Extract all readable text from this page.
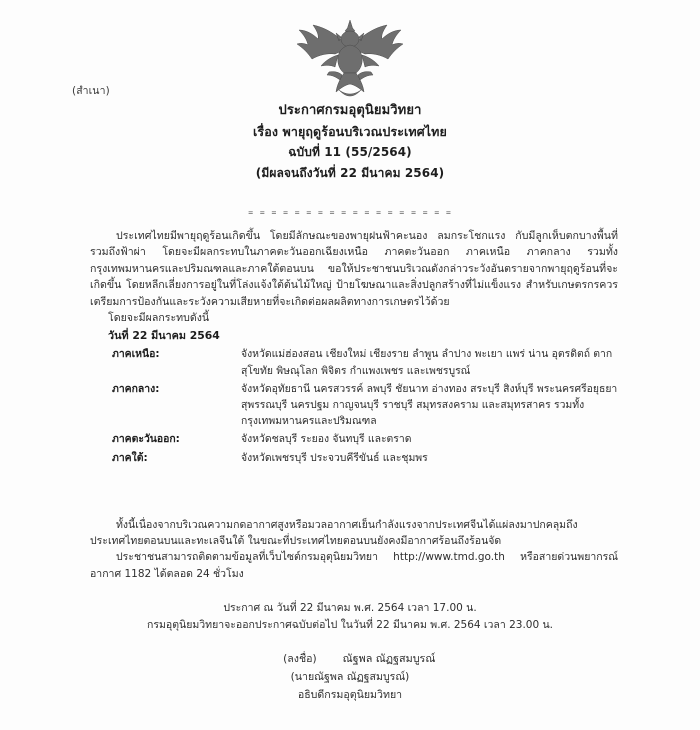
(สำเนา)
ประกาศกรมอุตุนิยมวิทยา
เรื่อง พายุฤดูร้อนบริเวณประเทศไทย
ฉบับที่ 11 (55/2564)
(มีผลจนถึงวันที่ 22 มีนาคม 2564)
= = = = = = = = = = = = = = = = = =

ประเทศไทยมีพายุฤดูร้อนเกิดขึ้น โดยมีลักษณะของพายุฝนฟ้าคะนอง ลมกระโชกแรง กับมีลูกเห็บตกบางพื้นที่ รวมถึงฟ้าผ่า โดยจะมีผลกระทบในภาคตะวันออกเฉียงเหนือ ภาคตะวันออก ภาคเหนือ ภาคกลาง รวมทั้งกรุงเทพมหานครและปริมณฑลและภาคใต้ตอนบน ขอให้ประชาชนบริเวณดังกล่าวระวังอันตรายจากพายุฤดูร้อนที่จะเกิดขึ้น โดยหลีกเลี่ยงการอยู่ในที่โล่งแจ้งใต้ต้นไม้ใหญ่ ป้ายโฆษณาและสิ่งปลูกสร้างที่ไม่แข็งแรง สำหรับเกษตรกรควรเตรียมการป้องกันและระวังความเสียหายที่จะเกิดต่อผลผลิตทางการเกษตรไว้ด้วย

โดยจะมีผลกระทบดังนี้
วันที่ 22 มีนาคม 2564
ภาคเหนือ:	จังหวัดแม่ฮ่องสอน เชียงใหม่ เชียงราย ลำพูน ลำปาง พะเยา แพร่ น่าน อุตรดิตถ์ ตาก สุโขทัย พิษณุโลก พิจิตร กำแพงเพชร และเพชรบูรณ์
ภาคกลาง:	จังหวัดอุทัยธานี นครสวรรค์ ลพบุรี ชัยนาท อ่างทอง สระบุรี สิงห์บุรี พระนครศรีอยุธยา สุพรรณบุรี นครปฐม กาญจนบุรี ราชบุรี สมุทรสงคราม และสมุทรสาคร รวมทั้งกรุงเทพมหานครและปริมณฑล
ภาคตะวันออก:	จังหวัดชลบุรี ระยอง จันทบุรี และตราด
ภาคใต้:	จังหวัดเพชรบุรี ประจวบคีรีขันธ์ และชุมพร

ทั้งนี้เนื่องจากบริเวณความกดอากาศสูงหรือมวลอากาศเย็นกำลังแรงจากประเทศจีนได้แผ่ลงมาปกคลุมถึงประเทศไทยตอนบนและทะเลจีนใต้ ในขณะที่ประเทศไทยตอนบนยังคงมีอากาศร้อนถึงร้อนจัด

ประชาชนสามารถติดตามข้อมูลที่เว็บไซต์กรมอุตุนิยมวิทยา http://www.tmd.go.th หรือสายด่วนพยากรณ์อากาศ 1182 ได้ตลอด 24 ชั่วโมง

ประกาศ ณ วันที่ 22 มีนาคม พ.ศ. 2564 เวลา 17.00 น.
กรมอุตุนิยมวิทยาจะออกประกาศฉบับต่อไป ในวันที่ 22 มีนาคม พ.ศ. 2564 เวลา 23.00 น.
(ลงชื่อ) ณัฐพล ณัฏฐสมบูรณ์
(นายณัฐพล ณัฏฐสมบูรณ์)
อธิบดีกรมอุตุนิยมวิทยา
